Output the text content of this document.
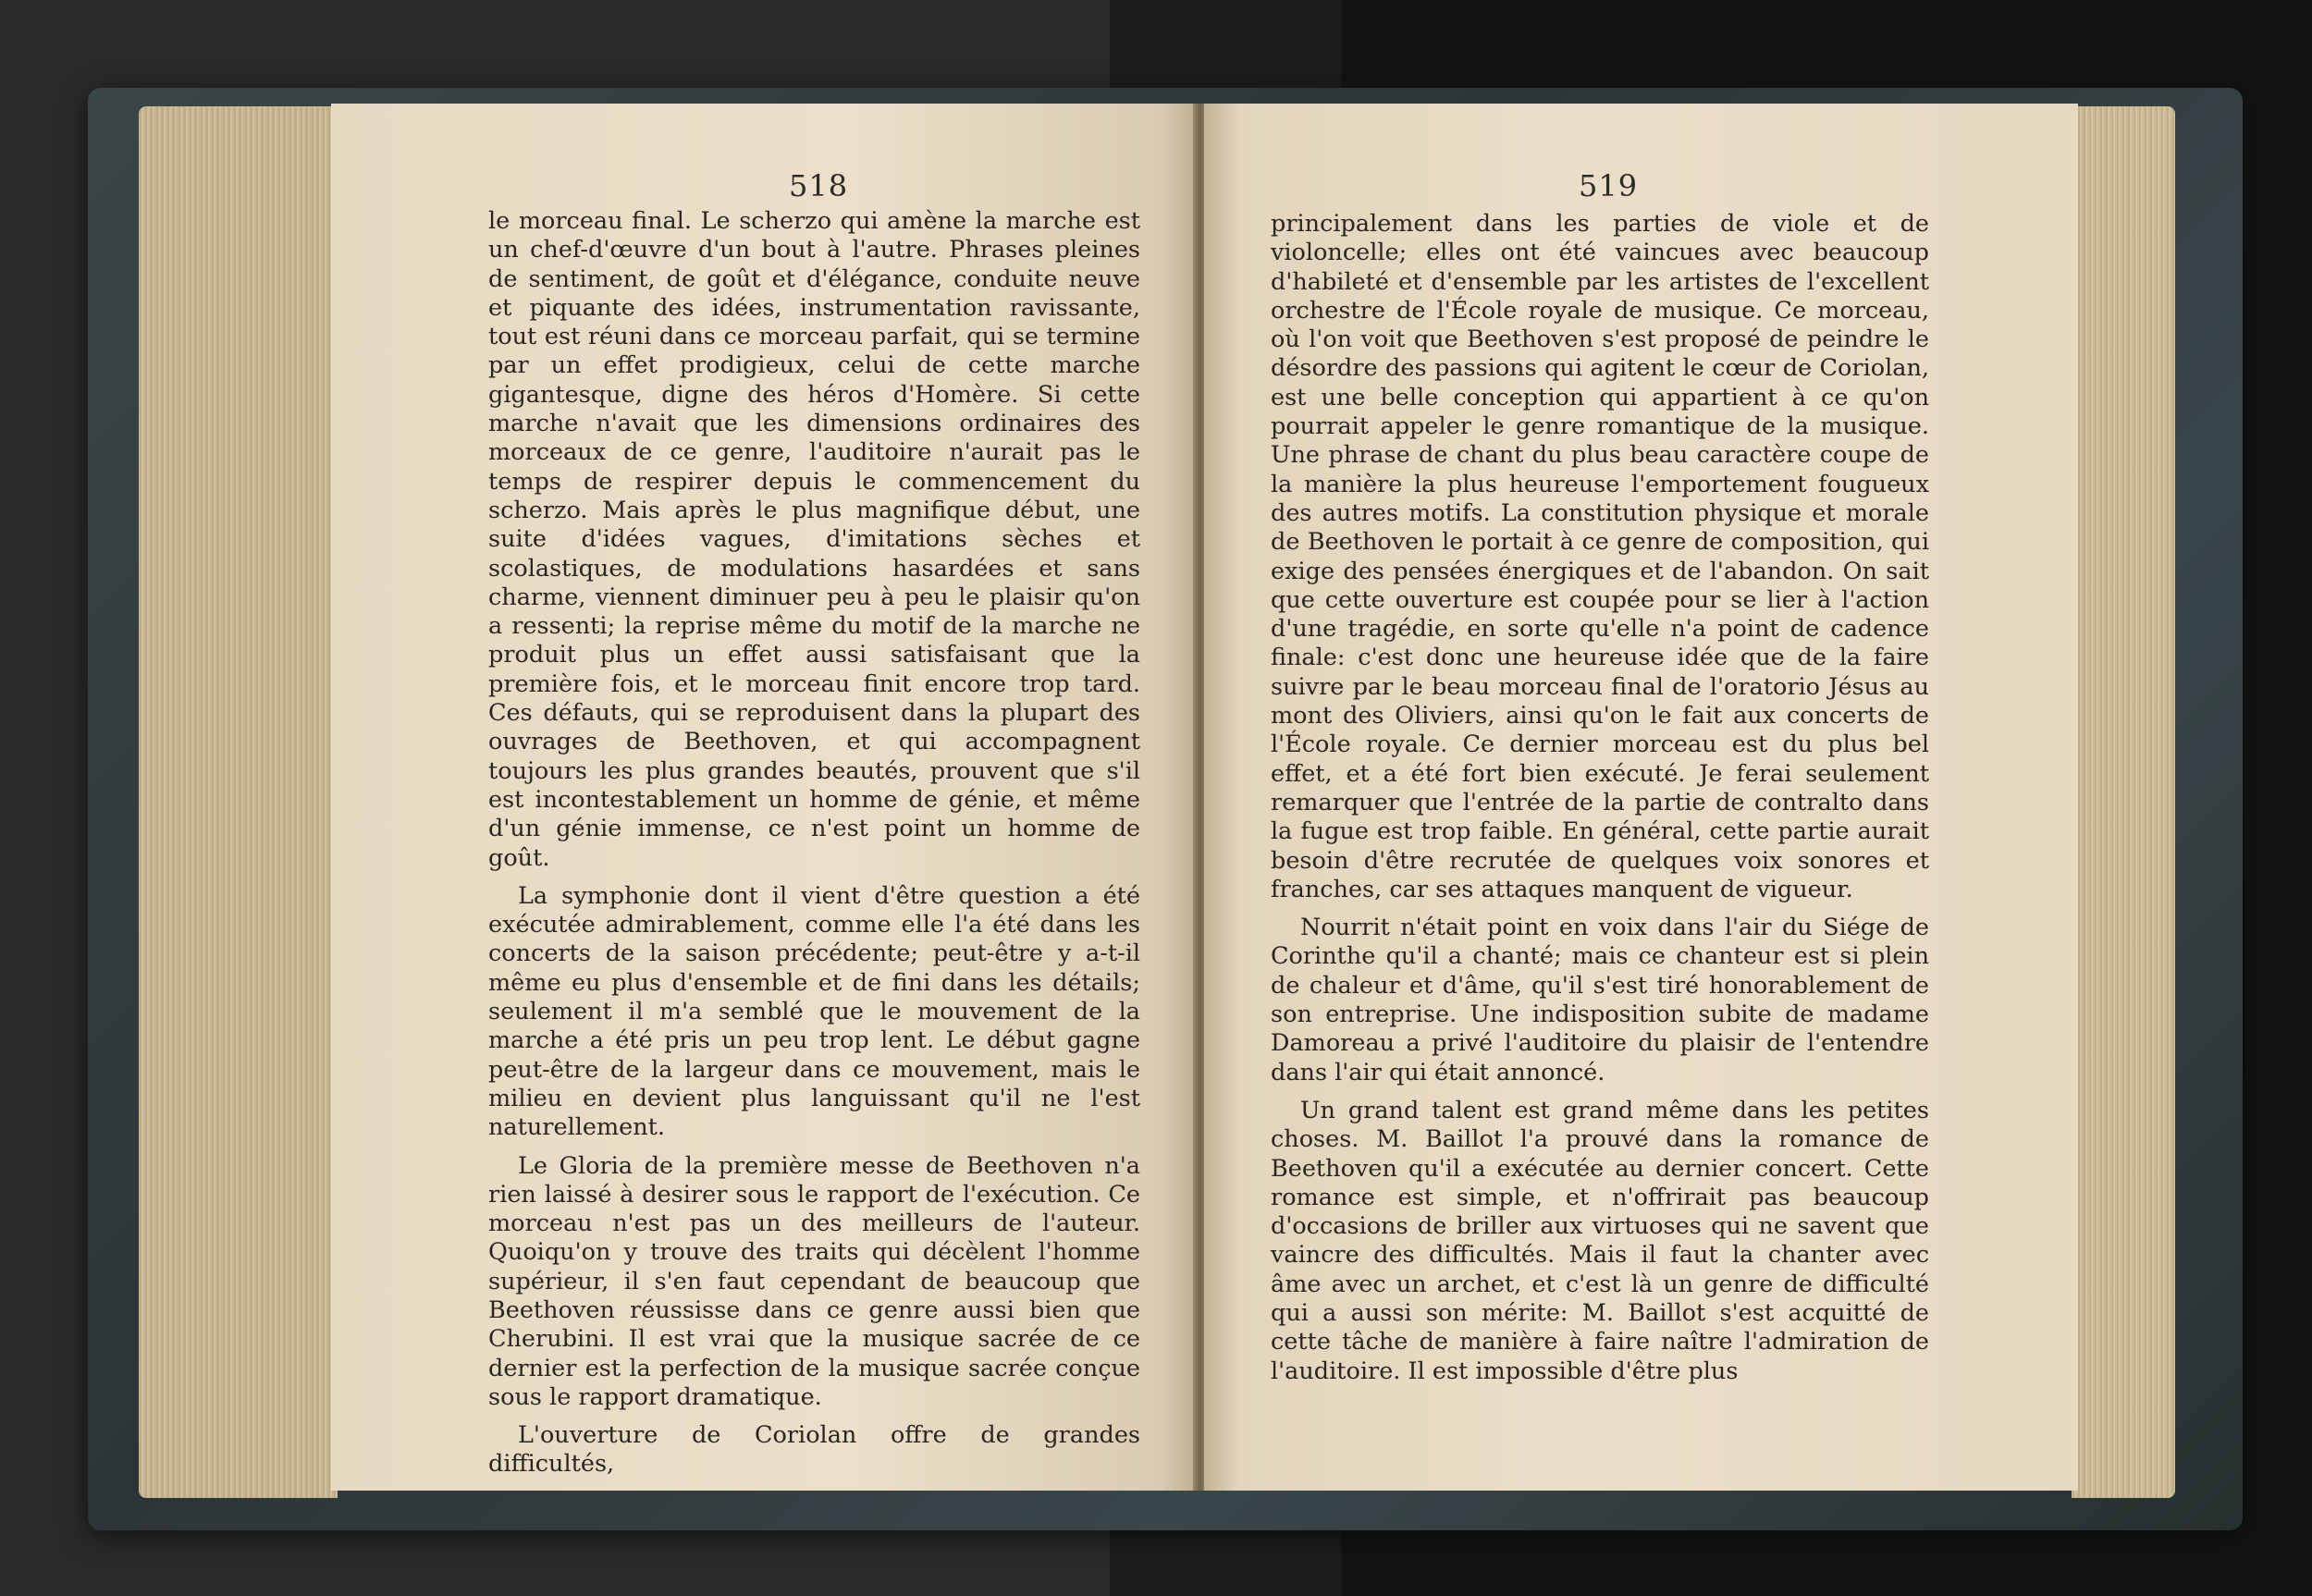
518

le morceau final. Le scherzo qui amène la marche est un chef-d'œuvre d'un bout à l'autre. Phrases pleines de sentiment, de goût et d'élégance, conduite neuve et piquante des idées, instrumentation ravissante, tout est réuni dans ce morceau parfait, qui se termine par un effet prodigieux, celui de cette marche gigantesque, digne des héros d'Homère. Si cette marche n'avait que les dimensions ordinaires des morceaux de ce genre, l'auditoire n'aurait pas le temps de respirer depuis le commencement du scherzo. Mais après le plus magnifique début, une suite d'idées vagues, d'imitations sèches et scolastiques, de modulations hasardées et sans charme, viennent diminuer peu à peu le plaisir qu'on a ressenti; la reprise même du motif de la marche ne produit plus un effet aussi satisfaisant que la première fois, et le morceau finit encore trop tard. Ces défauts, qui se reproduisent dans la plupart des ouvrages de Beethoven, et qui accompagnent toujours les plus grandes beautés, prouvent que s'il est incontestablement un homme de génie, et même d'un génie immense, ce n'est point un homme de goût.

La symphonie dont il vient d'être question a été exécutée admirablement, comme elle l'a été dans les concerts de la saison précédente; peut-être y a-t-il même eu plus d'ensemble et de fini dans les détails; seulement il m'a semblé que le mouvement de la marche a été pris un peu trop lent. Le début gagne peut-être de la largeur dans ce mouvement, mais le milieu en devient plus languissant qu'il ne l'est naturellement.

Le Gloria de la première messe de Beethoven n'a rien laissé à desirer sous le rapport de l'exécution. Ce morceau n'est pas un des meilleurs de l'auteur. Quoiqu'on y trouve des traits qui décèlent l'homme supérieur, il s'en faut cependant de beaucoup que Beethoven réussisse dans ce genre aussi bien que Cherubini. Il est vrai que la musique sacrée de ce dernier est la perfection de la musique sacrée conçue sous le rapport dramatique.

L'ouverture de Coriolan offre de grandes difficultés,

519

principalement dans les parties de viole et de violoncelle; elles ont été vaincues avec beaucoup d'habileté et d'ensemble par les artistes de l'excellent orchestre de l'École royale de musique. Ce morceau, où l'on voit que Beethoven s'est proposé de peindre le désordre des passions qui agitent le cœur de Coriolan, est une belle conception qui appartient à ce qu'on pourrait appeler le genre romantique de la musique. Une phrase de chant du plus beau caractère coupe de la manière la plus heureuse l'emportement fougueux des autres motifs. La constitution physique et morale de Beethoven le portait à ce genre de composition, qui exige des pensées énergiques et de l'abandon. On sait que cette ouverture est coupée pour se lier à l'action d'une tragédie, en sorte qu'elle n'a point de cadence finale: c'est donc une heureuse idée que de la faire suivre par le beau morceau final de l'oratorio Jésus au mont des Oliviers, ainsi qu'on le fait aux concerts de l'École royale. Ce dernier morceau est du plus bel effet, et a été fort bien exécuté. Je ferai seulement remarquer que l'entrée de la partie de contralto dans la fugue est trop faible. En général, cette partie aurait besoin d'être recrutée de quelques voix sonores et franches, car ses attaques manquent de vigueur.

Nourrit n'était point en voix dans l'air du Siége de Corinthe qu'il a chanté; mais ce chanteur est si plein de chaleur et d'âme, qu'il s'est tiré honorablement de son entreprise. Une indisposition subite de madame Damoreau a privé l'auditoire du plaisir de l'entendre dans l'air qui était annoncé.

Un grand talent est grand même dans les petites choses. M. Baillot l'a prouvé dans la romance de Beethoven qu'il a exécutée au dernier concert. Cette romance est simple, et n'offrirait pas beaucoup d'occasions de briller aux virtuoses qui ne savent que vaincre des difficultés. Mais il faut la chanter avec âme avec un archet, et c'est là un genre de difficulté qui a aussi son mérite: M. Baillot s'est acquitté de cette tâche de manière à faire naître l'admiration de l'auditoire. Il est impossible d'être plus
